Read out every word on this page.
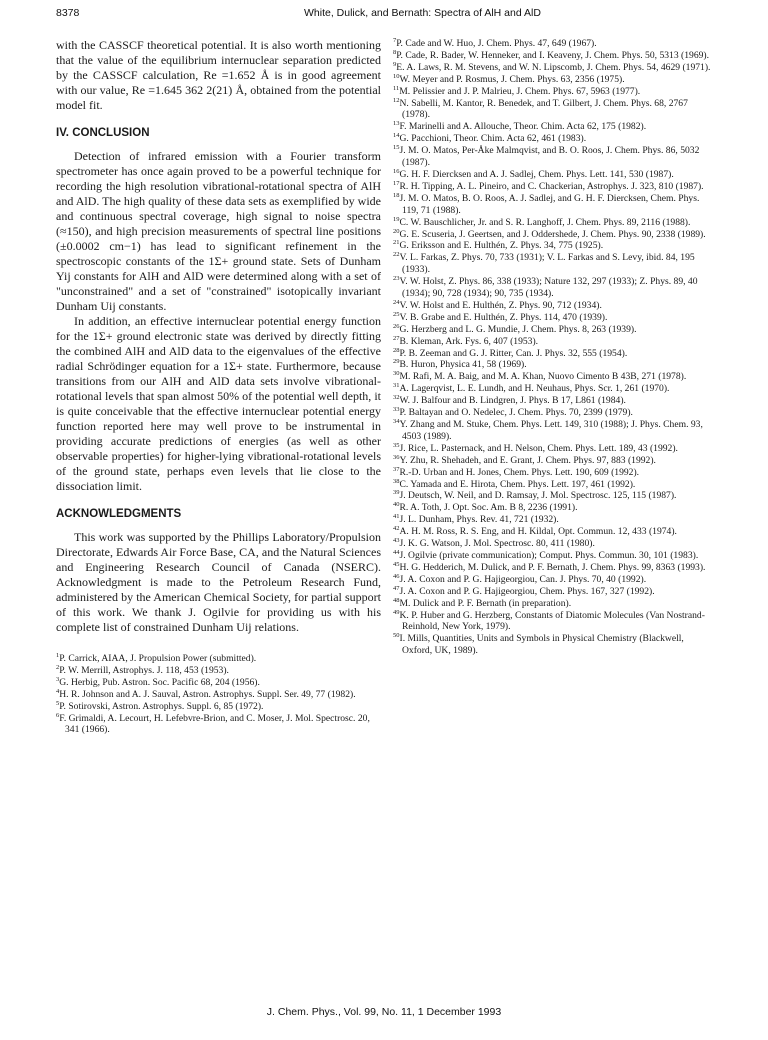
8378	White, Dulick, and Bernath: Spectra of AlH and AlD

with the CASSCF theoretical potential. It is also worth mentioning that the value of the equilibrium internuclear separation predicted by the CASSCF calculation, Re =1.652 Å is in good agreement with our value, Re =1.645 362 2(21) Å, obtained from the potential model fit.

IV. CONCLUSION

Detection of infrared emission with a Fourier transform spectrometer has once again proved to be a powerful technique for recording the high resolution vibrational-rotational spectra of AlH and AlD. The high quality of these data sets as exemplified by wide and continuous spectral coverage, high signal to noise spectra (≈150), and high precision measurements of spectral line positions (±0.0002 cm−1) has lead to significant refinement in the spectroscopic constants of the 1Σ+ ground state. Sets of Dunham Yij constants for AlH and AlD were determined along with a set of "unconstrained" and a set of "constrained" isotopically invariant Dunham Uij constants.

In addition, an effective internuclear potential energy function for the 1Σ+ ground electronic state was derived by directly fitting the combined AlH and AlD data to the eigenvalues of the effective radial Schrödinger equation for a 1Σ+ state. Furthermore, because transitions from our AlH and AlD data sets involve vibrational-rotational levels that span almost 50% of the potential well depth, it is quite conceivable that the effective internuclear potential energy function reported here may well prove to be instrumental in providing accurate predictions of energies (as well as other observable properties) for higher-lying vibrational-rotational levels of the ground state, perhaps even levels that lie close to the dissociation limit.

ACKNOWLEDGMENTS

This work was supported by the Phillips Laboratory/Propulsion Directorate, Edwards Air Force Base, CA, and the Natural Sciences and Engineering Research Council of Canada (NSERC). Acknowledgment is made to the Petroleum Research Fund, administered by the American Chemical Society, for partial support of this work. We thank J. Ogilvie for providing us with his complete list of constrained Dunham Uij relations.

$^1$P. Carrick, AIAA, J. Propulsion Power (submitted).
$^2$P. W. Merrill, Astrophys. J. 118, 453 (1953).
$^3$G. Herbig, Pub. Astron. Soc. Pacific 68, 204 (1956).
$^4$H. R. Johnson and A. J. Sauval, Astron. Astrophys. Suppl. Ser. 49, 77 (1982).
$^5$P. Sotirovski, Astron. Astrophys. Suppl. 6, 85 (1972).
$^6$F. Grimaldi, A. Lecourt, H. Lefebvre-Brion, and C. Moser, J. Mol. Spectrosc. 20, 341 (1966).
$^7$P. Cade and W. Huo, J. Chem. Phys. 47, 649 (1967).
$^8$P. Cade, R. Bader, W. Henneker, and I. Keaveny, J. Chem. Phys. 50, 5313 (1969).
$^9$E. A. Laws, R. M. Stevens, and W. N. Lipscomb, J. Chem. Phys. 54, 4629 (1971).
$^{10}$W. Meyer and P. Rosmus, J. Chem. Phys. 63, 2356 (1975).
$^{11}$M. Pelissier and J. P. Malrieu, J. Chem. Phys. 67, 5963 (1977).
$^{12}$N. Sabelli, M. Kantor, R. Benedek, and T. Gilbert, J. Chem. Phys. 68, 2767 (1978).
$^{13}$F. Marinelli and A. Allouche, Theor. Chim. Acta 62, 175 (1982).
$^{14}$G. Pacchioni, Theor. Chim. Acta 62, 461 (1983).
$^{15}$J. M. O. Matos, Per-Åke Malmqvist, and B. O. Roos, J. Chem. Phys. 86, 5032 (1987).
$^{16}$G. H. F. Diercksen and A. J. Sadlej, Chem. Phys. Lett. 141, 530 (1987).
$^{17}$R. H. Tipping, A. L. Pineiro, and C. Chackerian, Astrophys. J. 323, 810 (1987).
$^{18}$J. M. O. Matos, B. O. Roos, A. J. Sadlej, and G. H. F. Diercksen, Chem. Phys. 119, 71 (1988).
$^{19}$C. W. Bauschlicher, Jr. and S. R. Langhoff, J. Chem. Phys. 89, 2116 (1988).
$^{20}$G. E. Scuseria, J. Geertsen, and J. Oddershede, J. Chem. Phys. 90, 2338 (1989).
$^{21}$G. Eriksson and E. Hulthén, Z. Phys. 34, 775 (1925).
$^{22}$V. L. Farkas, Z. Phys. 70, 733 (1931); V. L. Farkas and S. Levy, ibid. 84, 195 (1933).
$^{23}$V. W. Holst, Z. Phys. 86, 338 (1933); Nature 132, 297 (1933); Z. Phys. 89, 40 (1934); 90, 728 (1934); 90, 735 (1934).
$^{24}$V. W. Holst and E. Hulthén, Z. Phys. 90, 712 (1934).
$^{25}$V. B. Grabe and E. Hulthén, Z. Phys. 114, 470 (1939).
$^{26}$G. Herzberg and L. G. Mundie, J. Chem. Phys. 8, 263 (1939).
$^{27}$B. Kleman, Ark. Fys. 6, 407 (1953).
$^{28}$P. B. Zeeman and G. J. Ritter, Can. J. Phys. 32, 555 (1954).
$^{29}$B. Huron, Physica 41, 58 (1969).
$^{30}$M. Rafi, M. A. Baig, and M. A. Khan, Nuovo Cimento B 43B, 271 (1978).
$^{31}$A. Lagerqvist, L. E. Lundh, and H. Neuhaus, Phys. Scr. 1, 261 (1970).
$^{32}$W. J. Balfour and B. Lindgren, J. Phys. B 17, L861 (1984).
$^{33}$P. Baltayan and O. Nedelec, J. Chem. Phys. 70, 2399 (1979).
$^{34}$Y. Zhang and M. Stuke, Chem. Phys. Lett. 149, 310 (1988); J. Phys. Chem. 93, 4503 (1989).
$^{35}$J. Rice, L. Pasternack, and H. Nelson, Chem. Phys. Lett. 189, 43 (1992).
$^{36}$Y. Zhu, R. Shehadeh, and E. Grant, J. Chem. Phys. 97, 883 (1992).
$^{37}$R.-D. Urban and H. Jones, Chem. Phys. Lett. 190, 609 (1992).
$^{38}$C. Yamada and E. Hirota, Chem. Phys. Lett. 197, 461 (1992).
$^{39}$J. Deutsch, W. Neil, and D. Ramsay, J. Mol. Spectrosc. 125, 115 (1987).
$^{40}$R. A. Toth, J. Opt. Soc. Am. B 8, 2236 (1991).
$^{41}$J. L. Dunham, Phys. Rev. 41, 721 (1932).
$^{42}$A. H. M. Ross, R. S. Eng, and H. Kildal, Opt. Commun. 12, 433 (1974).
$^{43}$J. K. G. Watson, J. Mol. Spectrosc. 80, 411 (1980).
$^{44}$J. Ogilvie (private communication); Comput. Phys. Commun. 30, 101 (1983).
$^{45}$H. G. Hedderich, M. Dulick, and P. F. Bernath, J. Chem. Phys. 99, 8363 (1993).
$^{46}$J. A. Coxon and P. G. Hajigeorgiou, Can. J. Phys. 70, 40 (1992).
$^{47}$J. A. Coxon and P. G. Hajigeorgiou, Chem. Phys. 167, 327 (1992).
$^{48}$M. Dulick and P. F. Bernath (in preparation).
$^{49}$K. P. Huber and G. Herzberg, Constants of Diatomic Molecules (Van Nostrand-Reinhold, New York, 1979).
$^{50}$I. Mills, Quantities, Units and Symbols in Physical Chemistry (Blackwell, Oxford, UK, 1989).
J. Chem. Phys., Vol. 99, No. 11, 1 December 1993
